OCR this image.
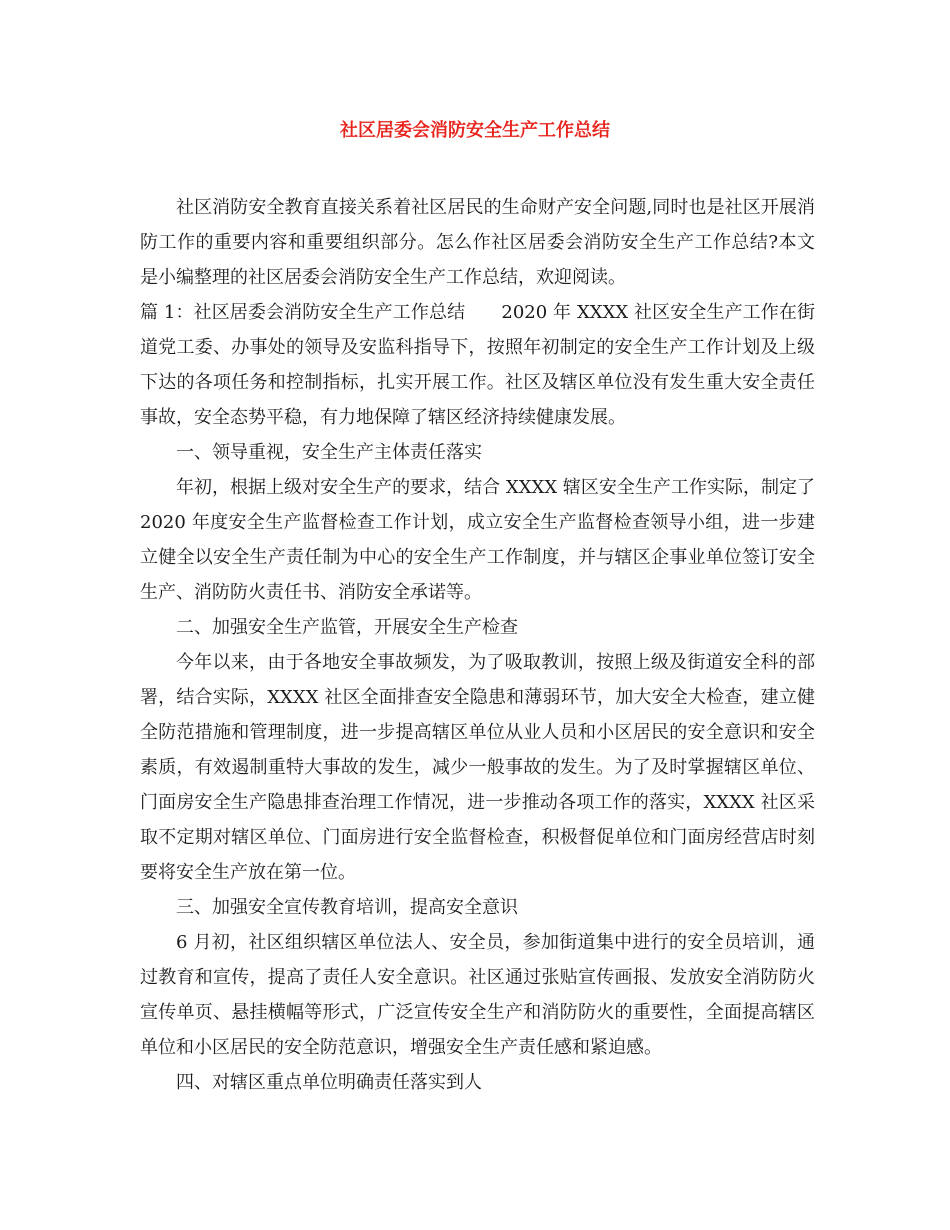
社区居委会消防安全生产工作总结

社区消防安全教育直接关系着社区居民的生命财产安全问题,同时也是社区开展消防工作的重要内容和重要组织部分。怎么作社区居委会消防安全生产工作总结?本文是小编整理的社区居委会消防安全生产工作总结，欢迎阅读。

篇 1：社区居委会消防安全生产工作总结　　2020 年 XXXX 社区安全生产工作在街道党工委、办事处的领导及安监科指导下，按照年初制定的安全生产工作计划及上级下达的各项任务和控制指标，扎实开展工作。社区及辖区单位没有发生重大安全责任事故，安全态势平稳，有力地保障了辖区经济持续健康发展。

一、领导重视，安全生产主体责任落实

年初，根据上级对安全生产的要求，结合 XXXX 辖区安全生产工作实际，制定了 2020 年度安全生产监督检查工作计划，成立安全生产监督检查领导小组，进一步建立健全以安全生产责任制为中心的安全生产工作制度，并与辖区企事业单位签订安全生产、消防防火责任书、消防安全承诺等。

二、加强安全生产监管，开展安全生产检查

今年以来，由于各地安全事故频发，为了吸取教训，按照上级及街道安全科的部署，结合实际，XXXX 社区全面排查安全隐患和薄弱环节，加大安全大检查，建立健全防范措施和管理制度，进一步提高辖区单位从业人员和小区居民的安全意识和安全素质，有效遏制重特大事故的发生，减少一般事故的发生。为了及时掌握辖区单位、门面房安全生产隐患排查治理工作情况，进一步推动各项工作的落实，XXXX 社区采取不定期对辖区单位、门面房进行安全监督检查，积极督促单位和门面房经营店时刻要将安全生产放在第一位。

三、加强安全宣传教育培训，提高安全意识

6 月初，社区组织辖区单位法人、安全员，参加街道集中进行的安全员培训，通过教育和宣传，提高了责任人安全意识。社区通过张贴宣传画报、发放安全消防防火宣传单页、悬挂横幅等形式，广泛宣传安全生产和消防防火的重要性，全面提高辖区单位和小区居民的安全防范意识，增强安全生产责任感和紧迫感。

四、对辖区重点单位明确责任落实到人
